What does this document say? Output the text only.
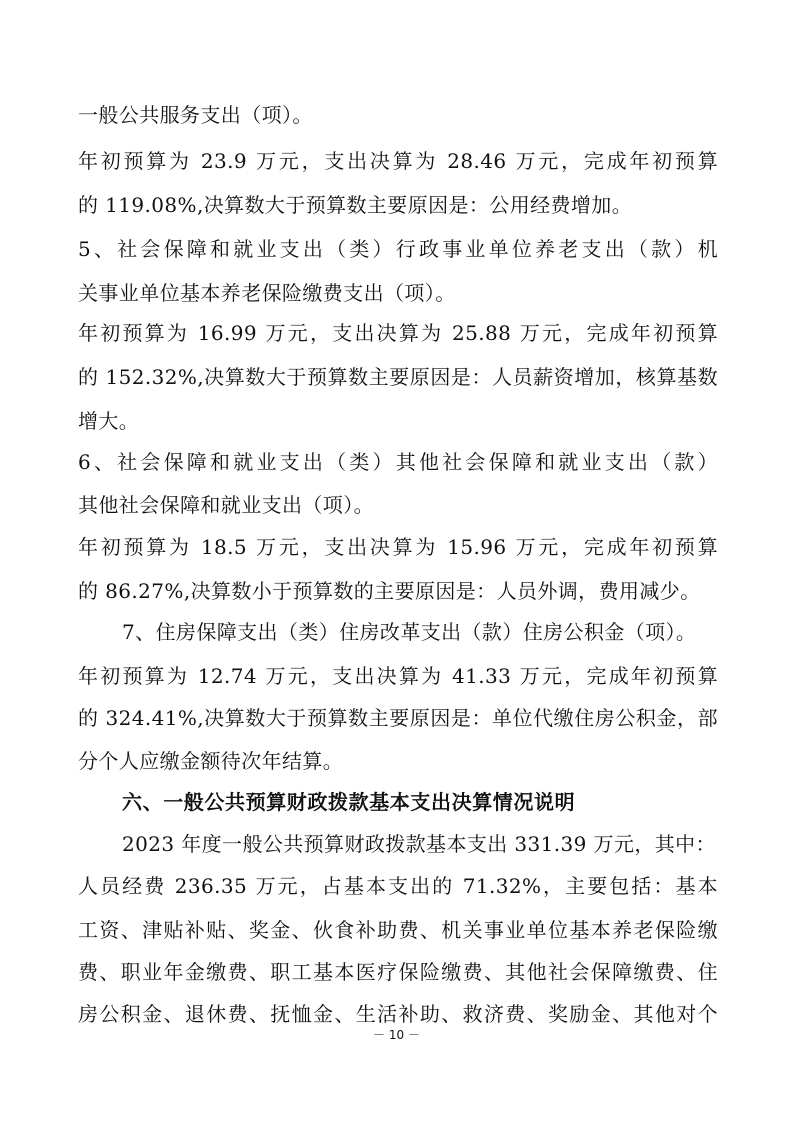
一般公共服务支出（项）。
年初预算为 23.9 万元，支出决算为 28.46 万元，完成年初预算
的 119.08%,决算数大于预算数主要原因是：公用经费增加。
5、社会保障和就业支出（类）行政事业单位养老支出（款）机
关事业单位基本养老保险缴费支出（项）。
年初预算为 16.99 万元，支出决算为 25.88 万元，完成年初预算
的 152.32%,决算数大于预算数主要原因是：人员薪资增加，核算基数
增大。
6、社会保障和就业支出（类）其他社会保障和就业支出（款）
其他社会保障和就业支出（项）。
年初预算为 18.5 万元，支出决算为 15.96 万元，完成年初预算
的 86.27%,决算数小于预算数的主要原因是：人员外调，费用减少。
7、住房保障支出（类）住房改革支出（款）住房公积金（项）。
年初预算为 12.74 万元，支出决算为 41.33 万元，完成年初预算
的 324.41%,决算数大于预算数主要原因是：单位代缴住房公积金，部
分个人应缴金额待次年结算。
六、一般公共预算财政拨款基本支出决算情况说明
2023 年度一般公共预算财政拨款基本支出 331.39 万元，其中：
人员经费 236.35 万元，占基本支出的 71.32%，主要包括：基本
工资、津贴补贴、奖金、伙食补助费、机关事业单位基本养老保险缴
费、职业年金缴费、职工基本医疗保险缴费、其他社会保障缴费、住
房公积金、退休费、抚恤金、生活补助、救济费、奖励金、其他对个
－ 10 －
